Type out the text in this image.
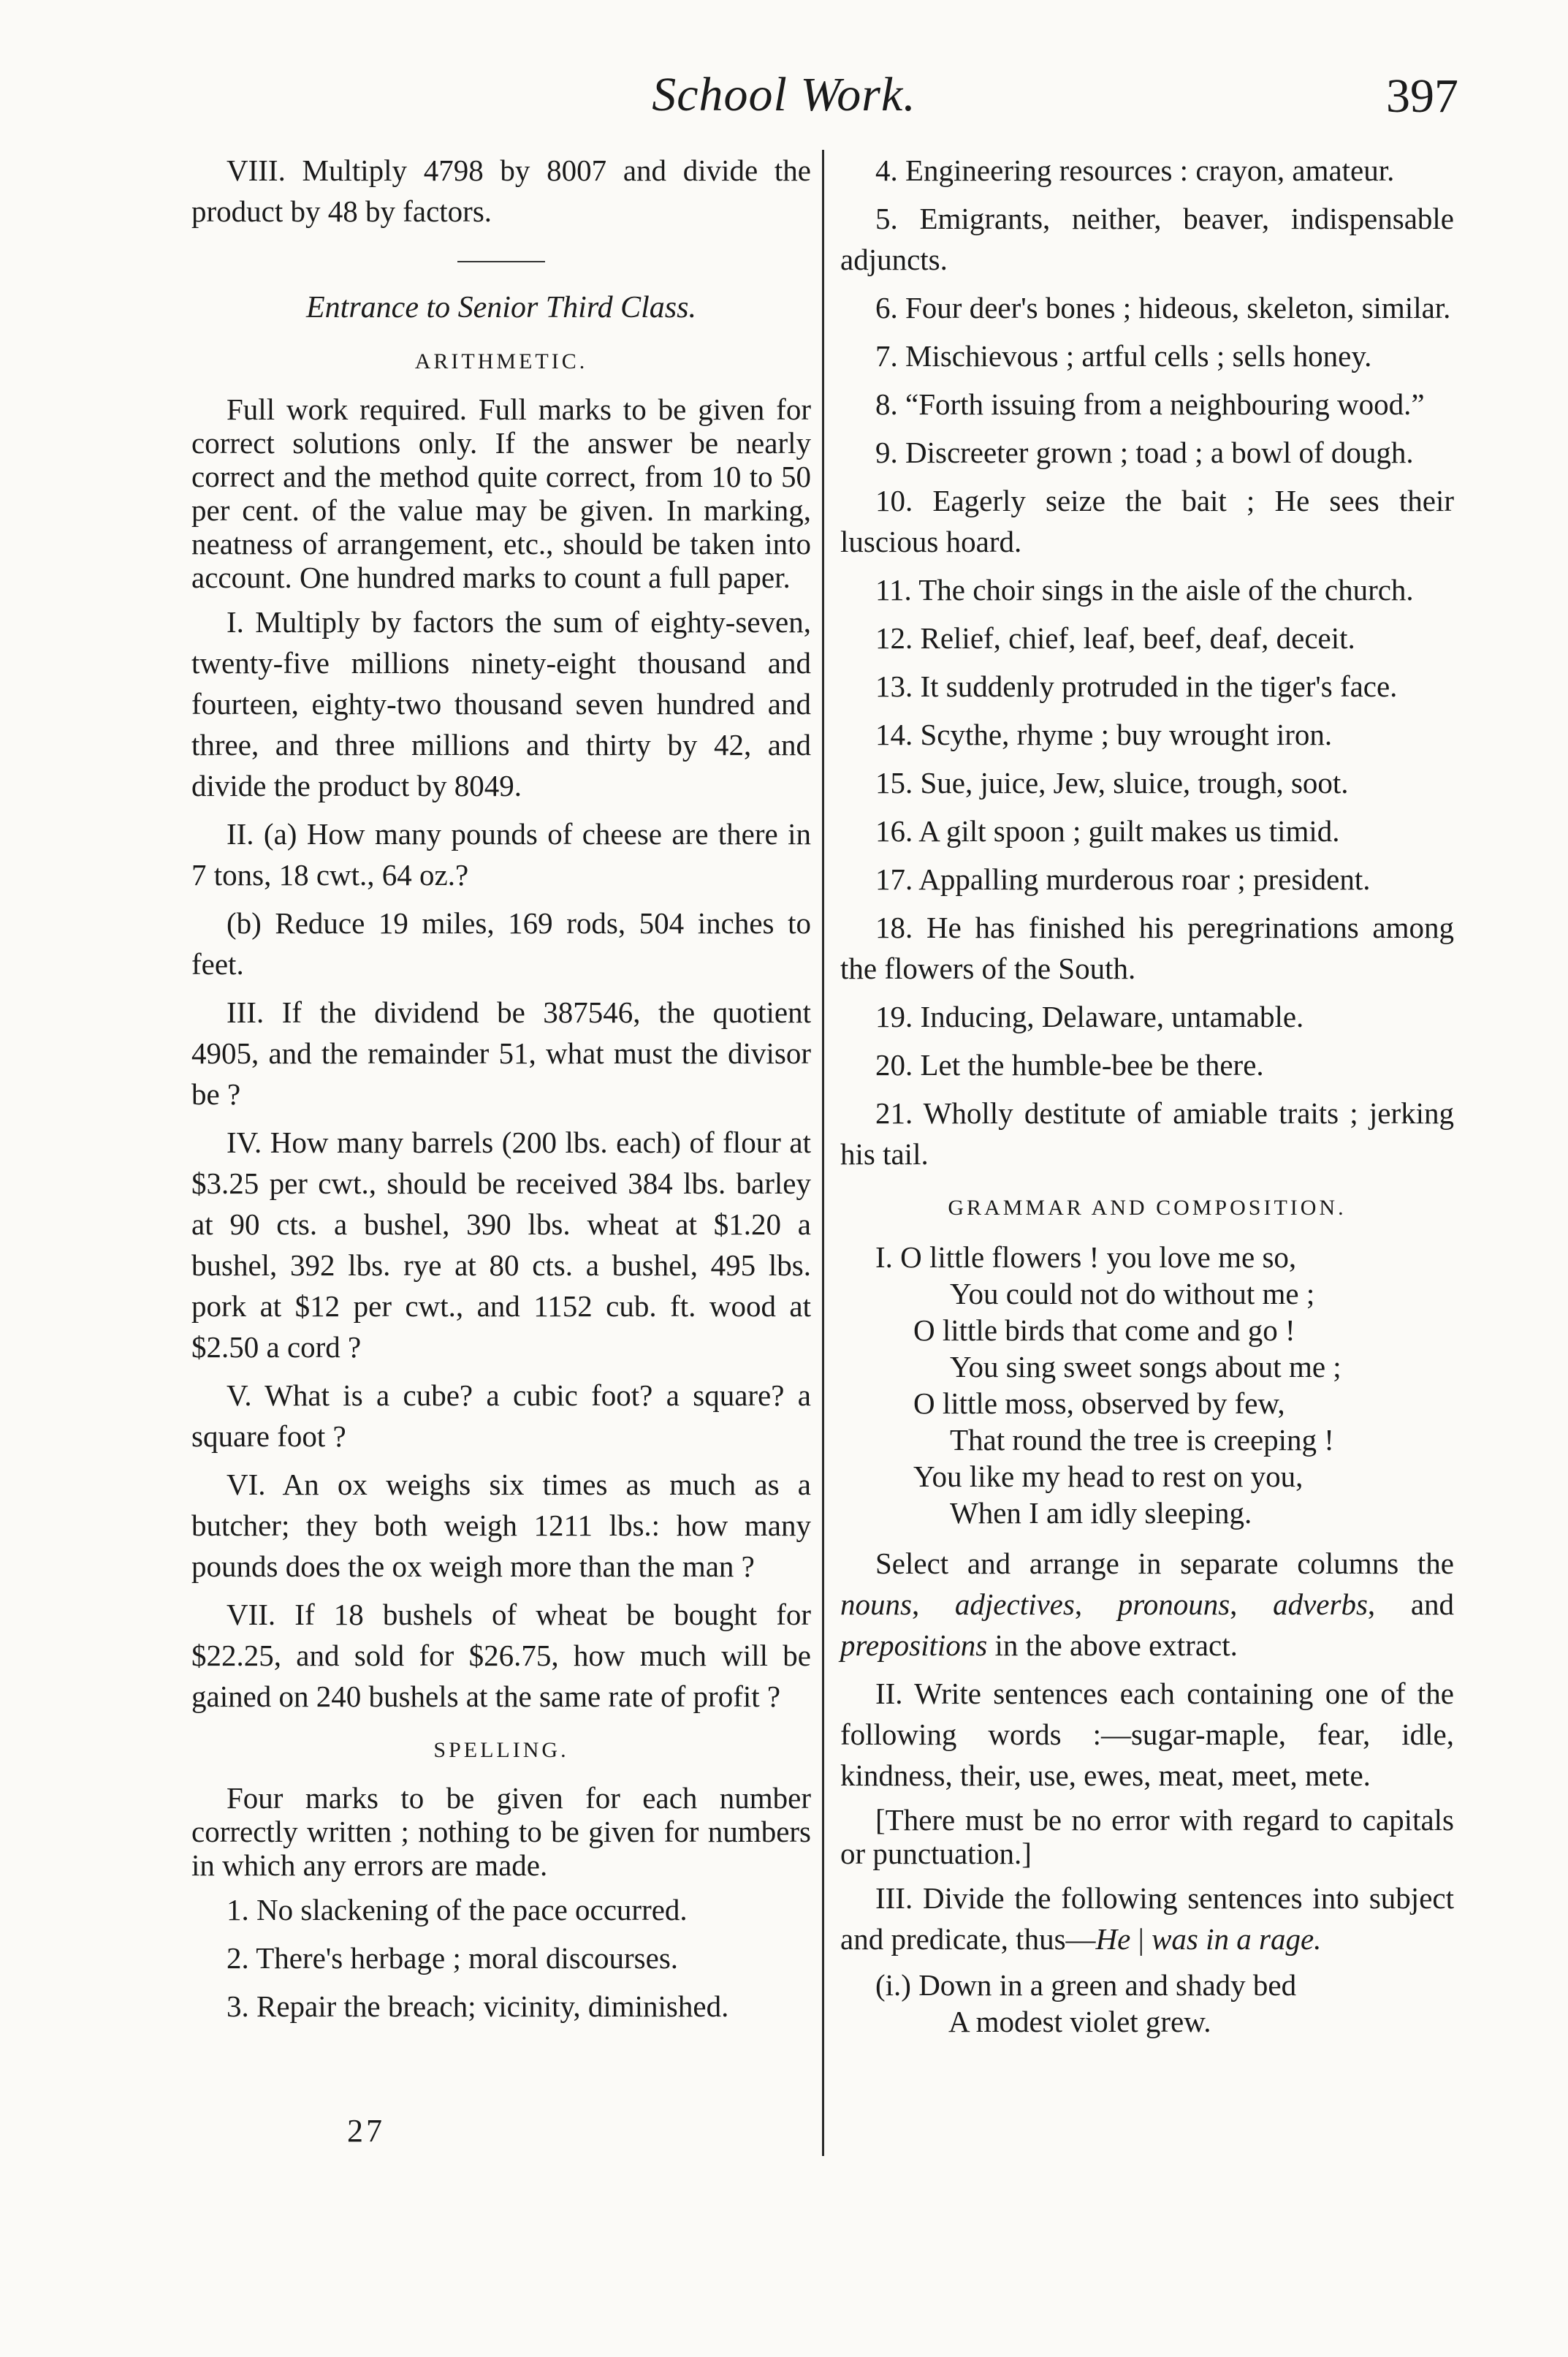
School Work.	397

VIII. Multiply 4798 by 8007 and divide the product by 48 by factors.

Entrance to Senior Third Class.

ARITHMETIC.

Full work required. Full marks to be given for correct solutions only. If the answer be nearly correct and the method quite correct, from 10 to 50 per cent. of the value may be given. In marking, neatness of arrangement, etc., should be taken into account. One hundred marks to count a full paper.

I. Multiply by factors the sum of eighty-seven, twenty-five millions ninety-eight thousand and fourteen, eighty-two thousand seven hundred and three, and three millions and thirty by 42, and divide the product by 8049.

II. (a) How many pounds of cheese are there in 7 tons, 18 cwt., 64 oz.?

(b) Reduce 19 miles, 169 rods, 504 inches to feet.

III. If the dividend be 387546, the quotient 4905, and the remainder 51, what must the divisor be ?

IV. How many barrels (200 lbs. each) of flour at $3.25 per cwt., should be received 384 lbs. barley at 90 cts. a bushel, 390 lbs. wheat at $1.20 a bushel, 392 lbs. rye at 80 cts. a bushel, 495 lbs. pork at $12 per cwt., and 1152 cub. ft. wood at $2.50 a cord ?

V. What is a cube? a cubic foot? a square? a square foot ?

VI. An ox weighs six times as much as a butcher; they both weigh 1211 lbs.: how many pounds does the ox weigh more than the man ?

VII. If 18 bushels of wheat be bought for $22.25, and sold for $26.75, how much will be gained on 240 bushels at the same rate of profit ?

SPELLING.

Four marks to be given for each number correctly written ; nothing to be given for numbers in which any errors are made.

1. No slackening of the pace occurred.

2. There's herbage ; moral discourses.

3. Repair the breach; vicinity, diminished.

27

4. Engineering resources : crayon, amateur.

5. Emigrants, neither, beaver, indispensable adjuncts.

6. Four deer's bones ; hideous, skeleton, similar.

7. Mischievous ; artful cells ; sells honey.

8. “Forth issuing from a neighbouring wood.”

9. Discreeter grown ; toad ; a bowl of dough.

10. Eagerly seize the bait ; He sees their luscious hoard.

11. The choir sings in the aisle of the church.

12. Relief, chief, leaf, beef, deaf, deceit.

13. It suddenly protruded in the tiger's face.

14. Scythe, rhyme ; buy wrought iron.

15. Sue, juice, Jew, sluice, trough, soot.

16. A gilt spoon ; guilt makes us timid.

17. Appalling murderous roar ; president.

18. He has finished his peregrinations among the flowers of the South.

19. Inducing, Delaware, untamable.

20. Let the humble-bee be there.

21. Wholly destitute of amiable traits ; jerking his tail.

GRAMMAR AND COMPOSITION.

I. O little flowers ! you love me so,
You could not do without me ;
O little birds that come and go !
You sing sweet songs about me ;
O little moss, observed by few,
That round the tree is creeping !
You like my head to rest on you,
When I am idly sleeping.

Select and arrange in separate columns the nouns, adjectives, pronouns, adverbs, and prepositions in the above extract.

II. Write sentences each containing one of the following words :—sugar-maple, fear, idle, kindness, their, use, ewes, meat, meet, mete.

[There must be no error with regard to capitals or punctuation.]

III. Divide the following sentences into subject and predicate, thus—He | was in a rage.

(i.) Down in a green and shady bed
A modest violet grew.
